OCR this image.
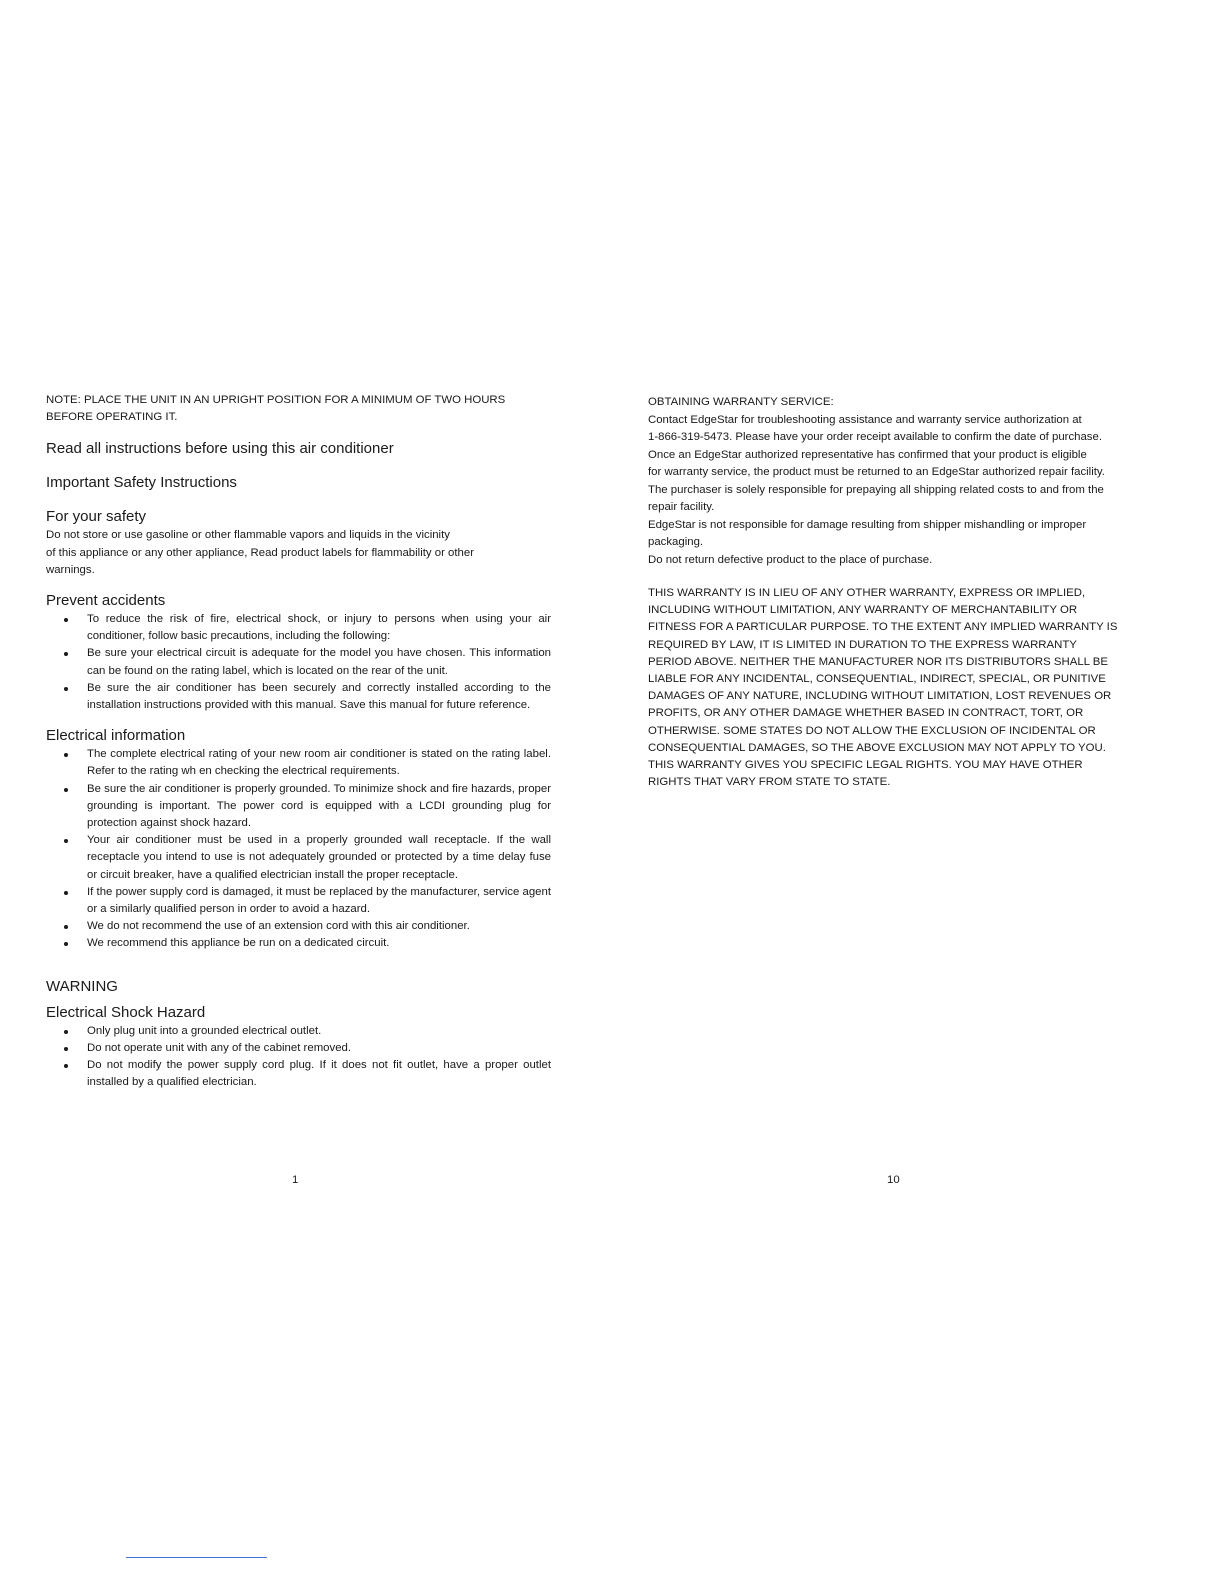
NOTE: PLACE THE UNIT IN AN UPRIGHT POSITION FOR A MINIMUM OF TWO HOURS

BEFORE OPERATING IT.

Read all instructions before using this air conditioner
Important Safety Instructions
For your safety

Do not store or use gasoline or other flammable vapors and liquids in the vicinity

of this appliance or any other appliance, Read product labels for flammability or other

warnings.

Prevent accidents
To reduce the risk of fire, electrical shock, or injury to persons when using your air conditioner, follow basic precautions, including the following:
Be sure your electrical circuit is adequate for the model you have chosen. This information can be found on the rating label, which is located on the rear of the unit.
Be sure the air conditioner has been securely and correctly installed according to the installation instructions provided with this manual. Save this manual for future reference.
Electrical information
The complete electrical rating of your new room air conditioner is stated on the rating label. Refer to the rating wh en checking the electrical requirements.
Be sure the air conditioner is properly grounded. To minimize shock and fire hazards, proper grounding is important. The power cord is equipped with a LCDI grounding plug for protection against shock hazard.
Your air conditioner must be used in a properly grounded wall receptacle. If the wall receptacle you intend to use is not adequately grounded or protected by a time delay fuse or circuit breaker, have a qualified electrician install the proper receptacle.
If the power supply cord is damaged, it must be replaced by the manufacturer, service agent or a similarly qualified person in order to avoid a hazard.
We do not recommend the use of an extension cord with this air conditioner.
We recommend this appliance be run on a dedicated circuit.
WARNING
Electrical Shock Hazard
Only plug unit into a grounded electrical outlet.
Do not operate unit with any of the cabinet removed.
Do not modify the power supply cord plug. If it does not fit outlet, have a proper outlet installed by a qualified electrician.

OBTAINING WARRANTY SERVICE:

Contact EdgeStar for troubleshooting assistance and warranty service authorization at

1-866-319-5473. Please have your order receipt available to confirm the date of purchase.

Once an EdgeStar authorized representative has confirmed that your product is eligible

for warranty service, the product must be returned to an EdgeStar authorized repair facility.

The purchaser is solely responsible for prepaying all shipping related costs to and from the

repair facility.

EdgeStar is not responsible for damage resulting from shipper mishandling or improper

packaging.

Do not return defective product to the place of purchase.

THIS WARRANTY IS IN LIEU OF ANY OTHER WARRANTY, EXPRESS OR IMPLIED,

INCLUDING WITHOUT LIMITATION, ANY WARRANTY OF MERCHANTABILITY OR

FITNESS FOR A PARTICULAR PURPOSE. TO THE EXTENT ANY IMPLIED WARRANTY IS

REQUIRED BY LAW, IT IS LIMITED IN DURATION TO THE EXPRESS WARRANTY

PERIOD ABOVE. NEITHER THE MANUFACTURER NOR ITS DISTRIBUTORS SHALL BE

LIABLE FOR ANY INCIDENTAL, CONSEQUENTIAL, INDIRECT, SPECIAL, OR PUNITIVE

DAMAGES OF ANY NATURE, INCLUDING WITHOUT LIMITATION, LOST REVENUES OR

PROFITS, OR ANY OTHER DAMAGE WHETHER BASED IN CONTRACT, TORT, OR

OTHERWISE. SOME STATES DO NOT ALLOW THE EXCLUSION OF INCIDENTAL OR

CONSEQUENTIAL DAMAGES, SO THE ABOVE EXCLUSION MAY NOT APPLY TO YOU.

THIS WARRANTY GIVES YOU SPECIFIC LEGAL RIGHTS. YOU MAY HAVE OTHER

RIGHTS THAT VARY FROM STATE TO STATE.

1	10
